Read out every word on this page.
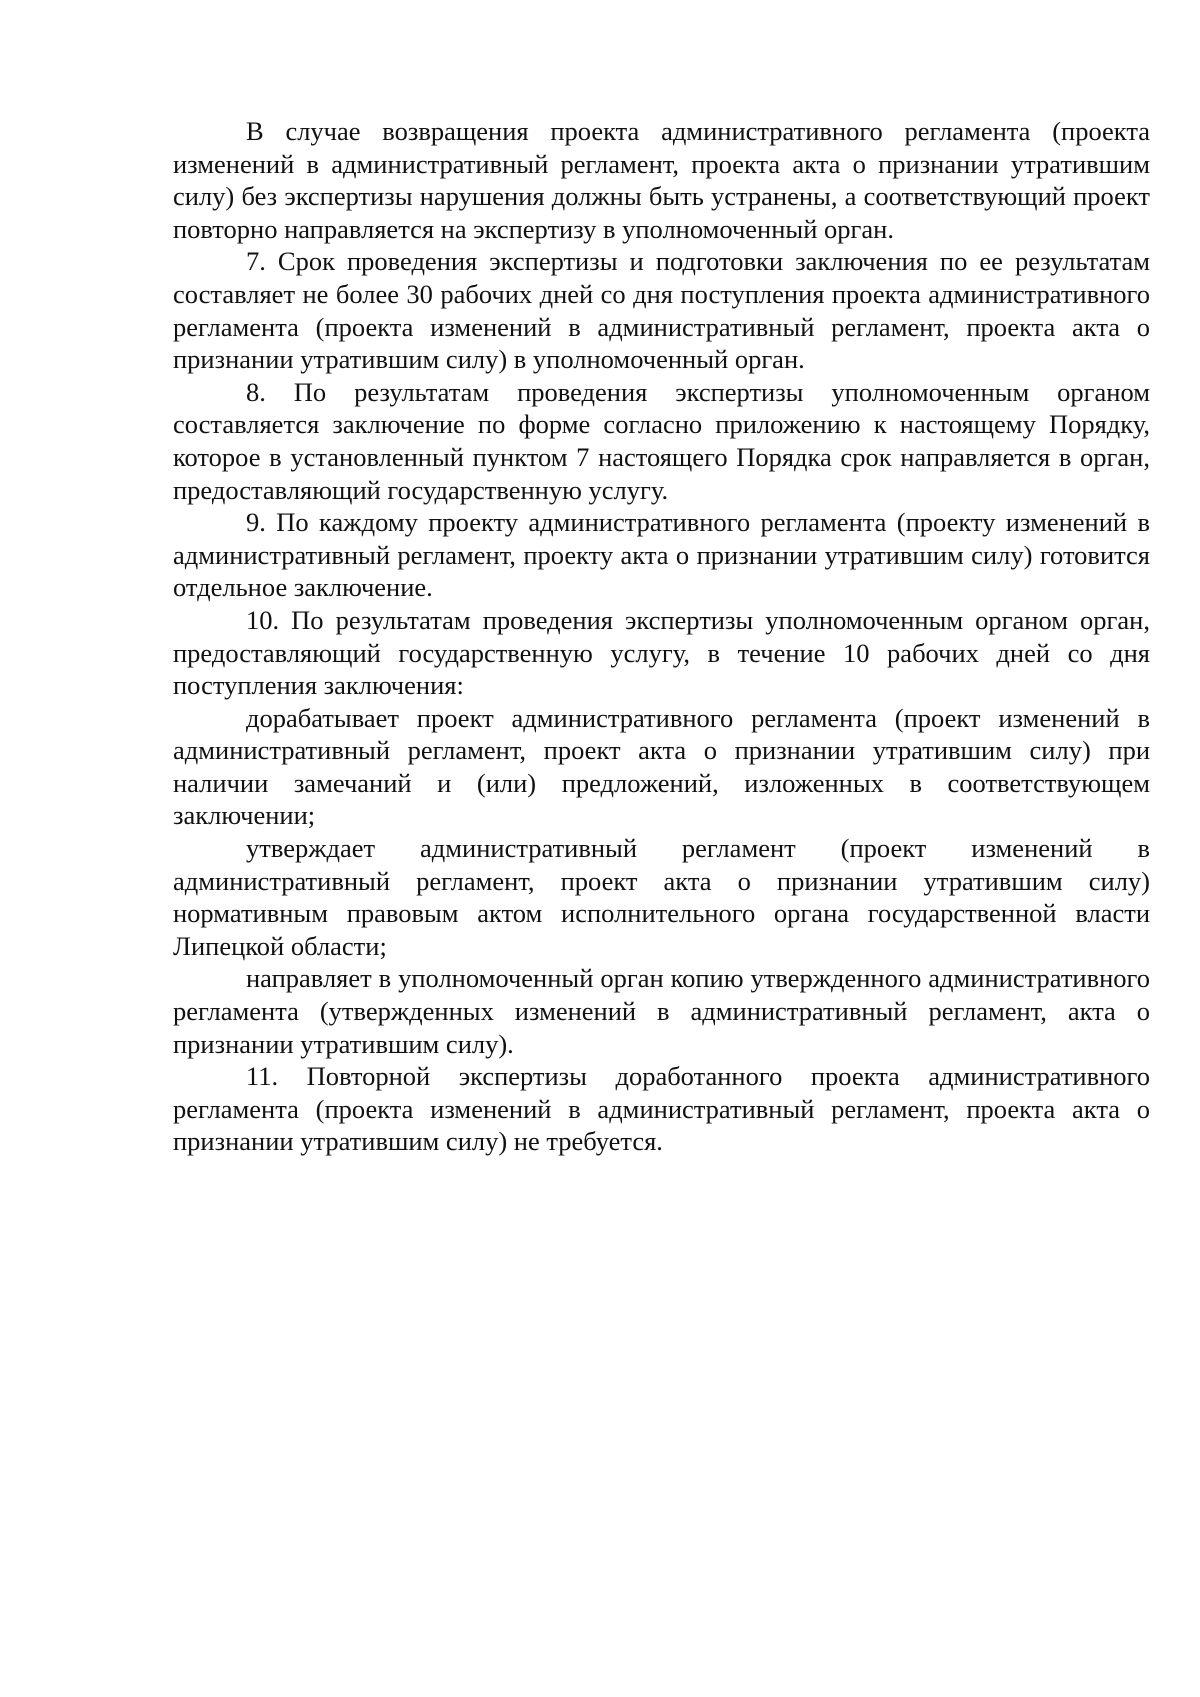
В случае возвращения проекта административного регламента (проекта изменений в административный регламент, проекта акта о признании утратившим силу) без экспертизы нарушения должны быть устранены, а соответствующий проект повторно направляется на экспертизу в уполномоченный орган.

7. Срок проведения экспертизы и подготовки заключения по ее результатам составляет не более 30 рабочих дней со дня поступления проекта административного регламента (проекта изменений в административный регламент, проекта акта о признании утратившим силу) в уполномоченный орган.

8. По результатам проведения экспертизы уполномоченным органом составляется заключение по форме согласно приложению к настоящему Порядку, которое в установленный пунктом 7 настоящего Порядка срок направляется в орган, предоставляющий государственную услугу.

9. По каждому проекту административного регламента (проекту изменений в административный регламент, проекту акта о признании утратившим силу) готовится отдельное заключение.

10. По результатам проведения экспертизы уполномоченным органом орган, предоставляющий государственную услугу, в течение 10 рабочих дней со дня поступления заключения:

дорабатывает проект административного регламента (проект изменений в административный регламент, проект акта о признании утратившим силу) при наличии замечаний и (или) предложений, изложенных в соответствующем заключении;

утверждает административный регламент (проект изменений в административный регламент, проект акта о признании утратившим силу) нормативным правовым актом исполнительного органа государственной власти Липецкой области;

направляет в уполномоченный орган копию утвержденного административного регламента (утвержденных изменений в административный регламент, акта о признании утратившим силу).

11. Повторной экспертизы доработанного проекта административного регламента (проекта изменений в административный регламент, проекта акта о признании утратившим силу) не требуется.
